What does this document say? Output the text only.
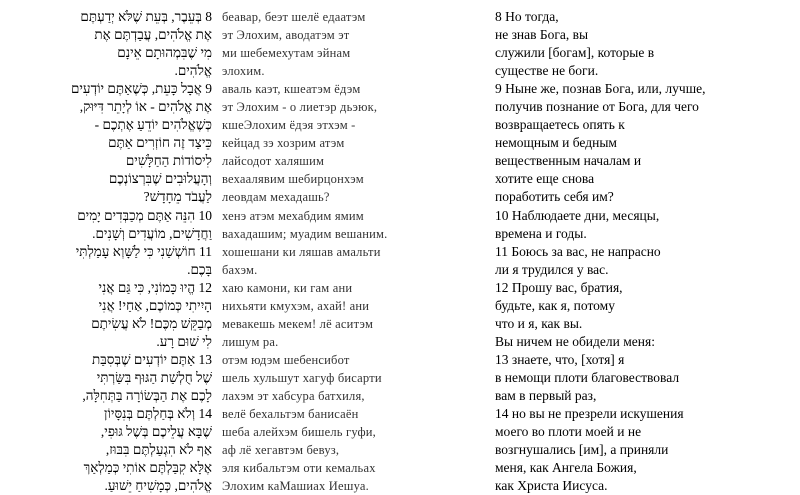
8 בְּעֵבֶר, בְּעֵת שֶׁלֹּא יְדַעְתֶּם
אֶת אֱלֹהִים, עֲבַדְתֶּם אֶת
מִי שֶׁבִּמְהוּתָם אֵינָם
אֱלֹהִים.
9 אֲבָל כָּעֵת, כְּשֶׁאַתֶּם יוֹדְעִים
אֶת אֱלֹהִים - אוֹ לְיָתֵר דִּיּוּק,
כְּשֶׁאֱלֹהִים יוֹדֵעַ אֶתְכֶם -
כֵּיצַד זֶה חוֹזְרִים אַתֶּם
לִיסוֹדוֹת הַחַלָּשִׁים
וְהָעֲלוּבִים שֶׁבִּרְצוֹנְכֶם
לַעֲבֹד מֵחָדָשׁ?
10 הִנֵּה אַתֶּם מְכַבְּדִים יָמִים
וַחֲדָשִׁים, מוֹעֲדִים וְשָׁנִים.
11 חוֹשְׁשַׁנִי כִּי לַשָּׁוְא עָמַלְתִּי
בָּכֶם.
12 הֱיוּ כָּמוֹנִי, כִּי גַּם אֲנִי
הָיִיתִי כְּמוֹכֶם, אַחַי! אֲנִי
מְבַקֵּשׁ מִכֶּם! לֹא עֲשִׂיתֶם
לִי שׁוּם רָע.
13 אַתֶּם יוֹדְעִים שֶׁבְּסִבַּת
שֶׁל חֻלְשַׁת הַגּוּף בִּשַּׂרְתִּי
לָכֶם אֶת הַבְּשׂוֹרָה בַּתְּחִלָּה,
14 וְלֹא בְּחַלְתֶּם בְּנִסָּיוֹן
שֶׁבָּא עֲלֵיכֶם בְּשֶׁל גּוּפִי,
אַף לֹא הִגְעַלְתֶּם בִּבּוּז,
אֶלָּא קִבַּלְתֶּם אוֹתִי כְּמַלְאַךְ
אֱלֹהִים, כְּמָשִׁיחַ יֵשׁוּעַ.
беавар, беэт шелё едаатэм
эт Элохим, аводатэм эт
ми шебемехутам эйнам
элохим.
аваль каэт, кшеатэм ёдэм
эт Элохим - о лиетэр дьэюк,
кшеЭлохим ёдэя этхэм -
кейцад зэ хозрим атэм
лайсодот халяшим
вехаалявим шебирцонхэм
леовдам мехадашь?
хенэ атэм мехабдим ямим
вахадашим; муадим вешаним.
хошешани ки ляшав амальти
бахэм.
хаю камони, ки гам ани
нихьяти кмухэм, ахай! ани
мевакешь мекем! лё аситэм
лишум ра.
отэм юдэм шебенсибот
шель хульшут хагуф бисарти
лахэм эт хабсура батхиля,
велё бехальтэм банисаён
шеба алейхэм бишель гуфи,
аф лё хегавтэм бевуз,
эля кибальтэм оти кемальах
Элохим каМашиах Иешуа.
8 Но тогда,
не знав Бога, вы
служили [богам], которые в
существе не боги.
9 Ныне же, познав Бога, или, лучше,
получив познание от Бога, для чего
возвращаетесь опять к
немощным и бедным
вещественным началам и
хотите еще снова
поработить себя им?
10 Наблюдаете дни, месяцы,
времена и годы.
11 Боюсь за вас, не напрасно
ли я трудился у вас.
12 Прошу вас, братия,
будьте, как я, потому
что и я, как вы.
Вы ничем не обидели меня:
13 знаете, что, [хотя] я
в немощи плоти благовествовал
вам в первый раз,
14 но вы не презрели искушения
моего во плоти моей и не
возгнушались [им], а приняли
меня, как Ангела Божия,
как Христа Иисуса.
